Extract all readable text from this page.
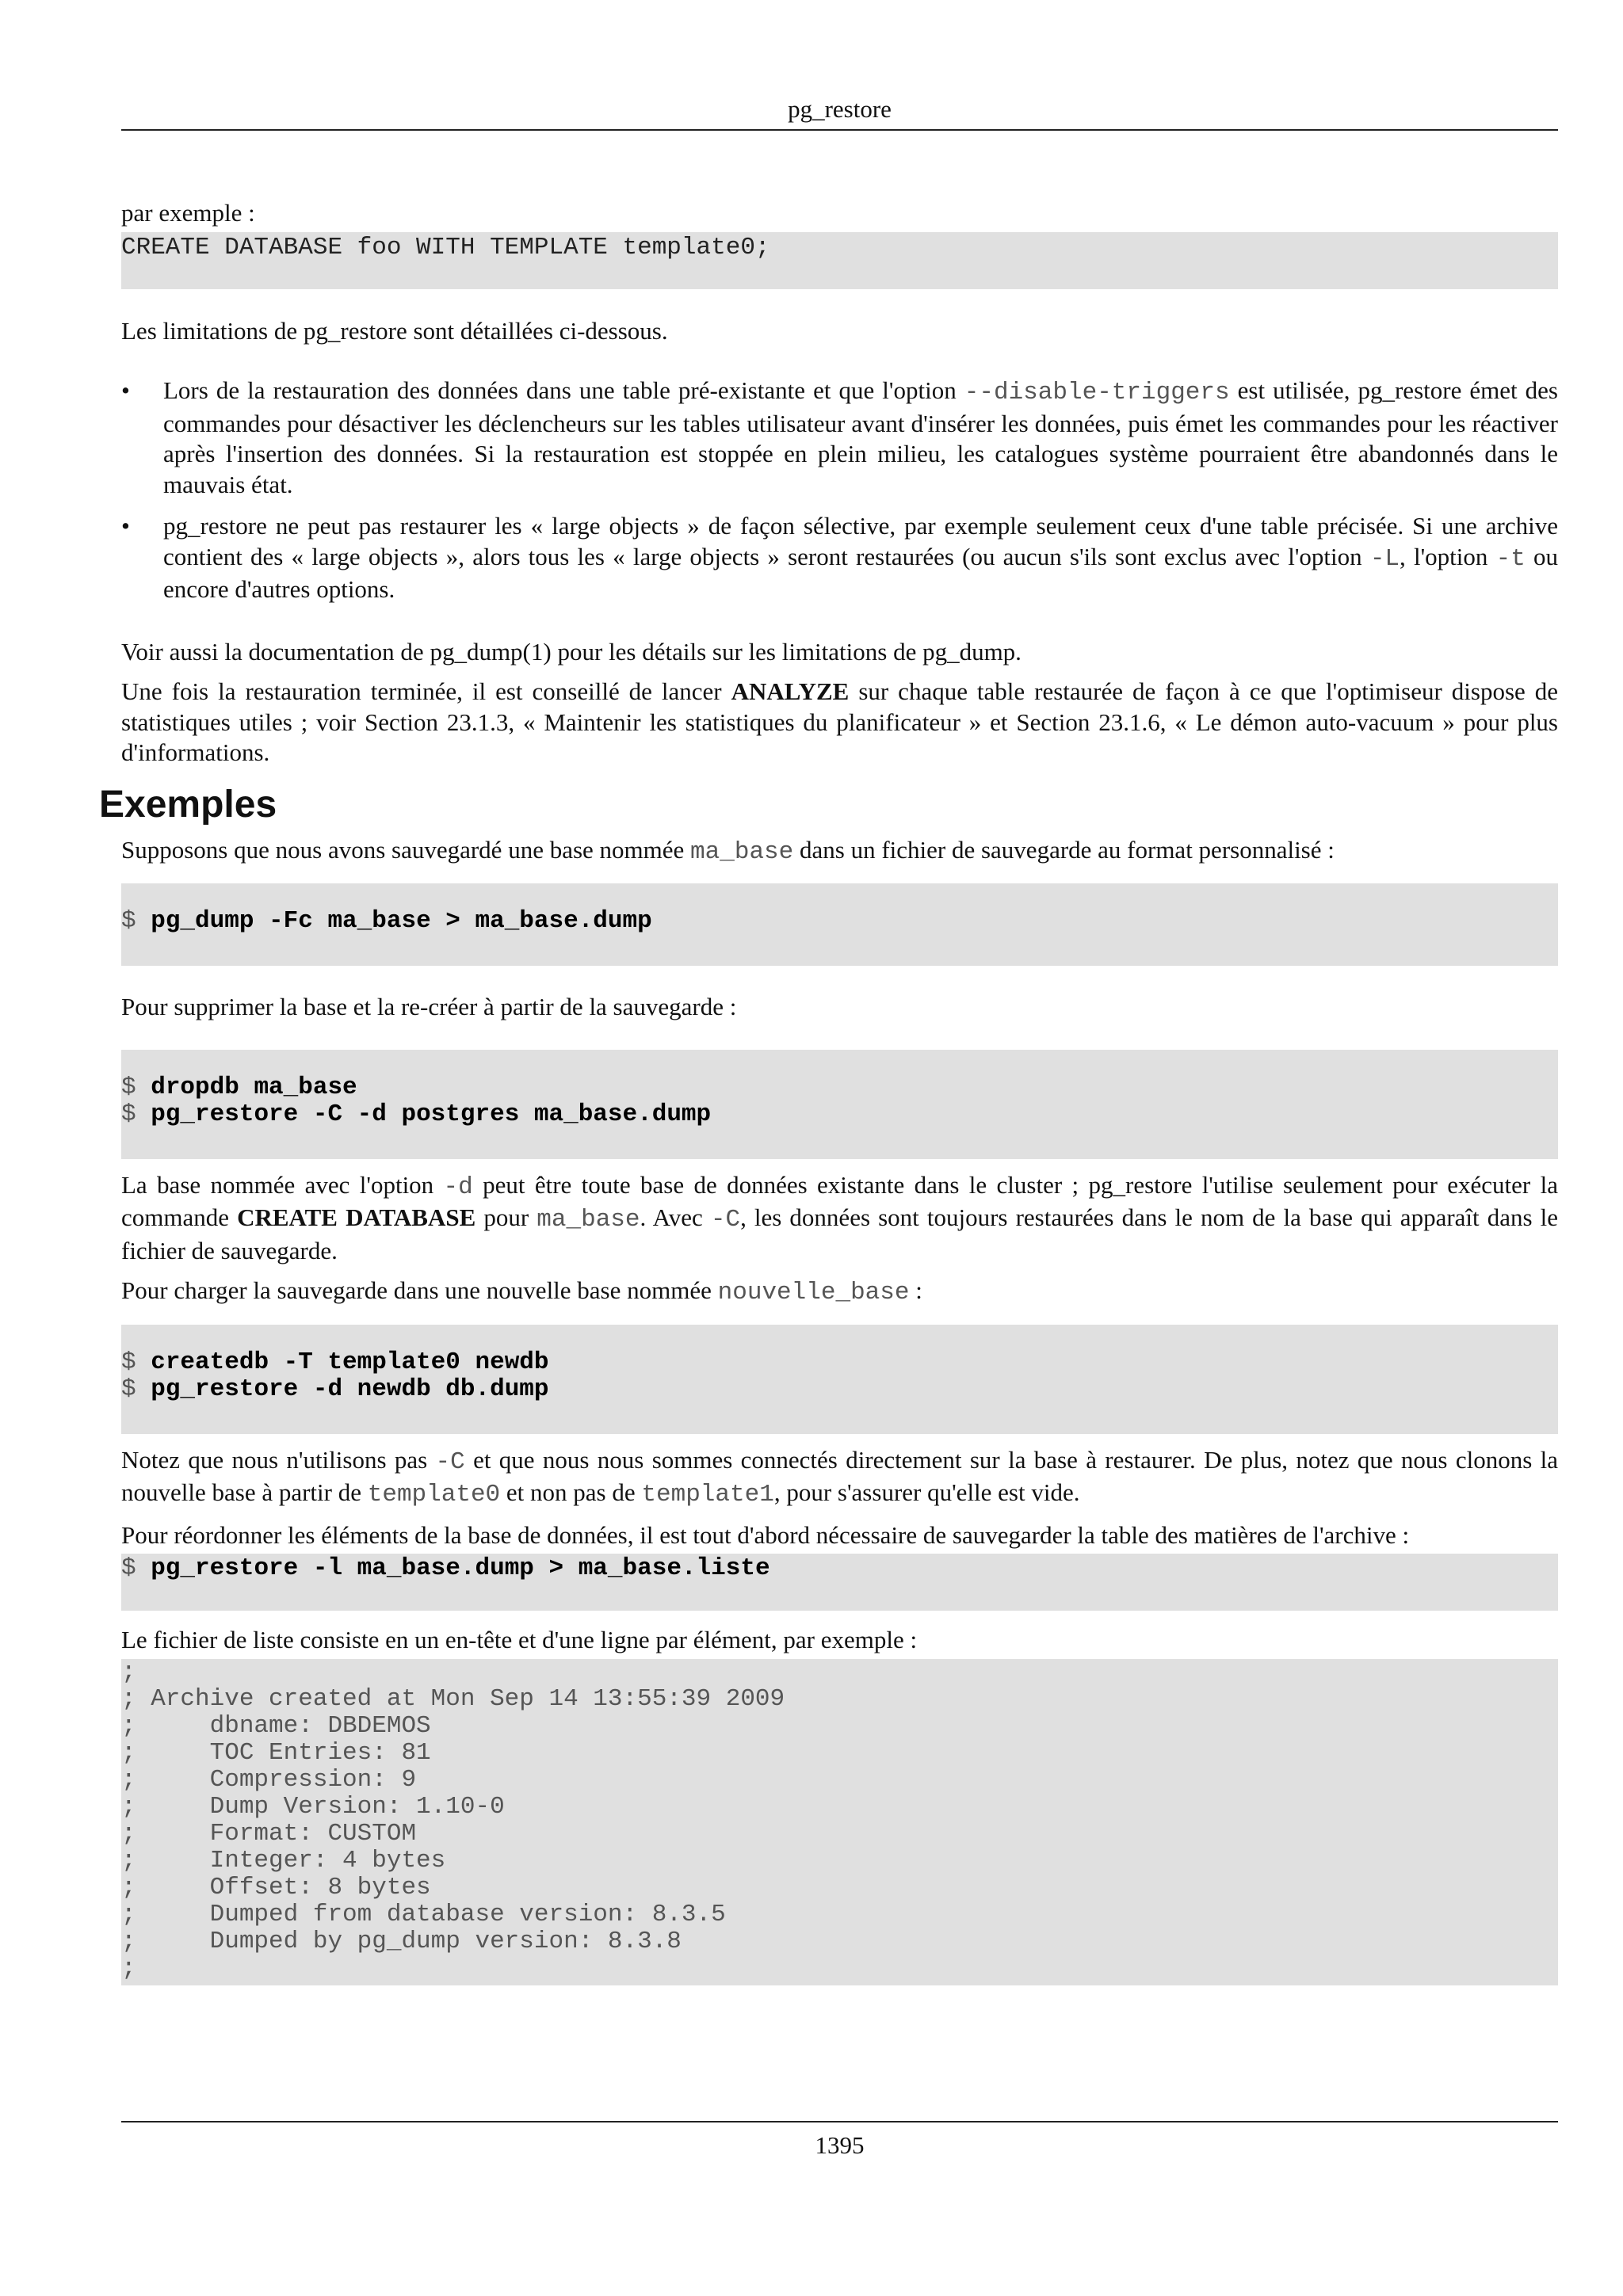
pg_restore

par exemple :

CREATE DATABASE foo WITH TEMPLATE template0;

Les limitations de pg_restore sont détaillées ci-dessous.

• Lors de la restauration des données dans une table pré-existante et que l'option --disable-triggers est utilisée, pg_restore émet des commandes pour désactiver les déclencheurs sur les tables utilisateur avant d'insérer les données, puis émet les commandes pour les réactiver après l'insertion des données. Si la restauration est stoppée en plein milieu, les catalogues système pourraient être abandonnés dans le mauvais état.
• pg_restore ne peut pas restaurer les « large objects » de façon sélective, par exemple seulement ceux d'une table précisée. Si une archive contient des « large objects », alors tous les « large objects » seront restaurées (ou aucun s'ils sont exclus avec l'option -L, l'option -t ou encore d'autres options.

Voir aussi la documentation de pg_dump(1) pour les détails sur les limitations de pg_dump.

Une fois la restauration terminée, il est conseillé de lancer ANALYZE sur chaque table restaurée de façon à ce que l'optimiseur dispose de statistiques utiles ; voir Section 23.1.3, « Maintenir les statistiques du planificateur » et Section 23.1.6, « Le démon auto-vacuum » pour plus d'informations.

Exemples

Supposons que nous avons sauvegardé une base nommée ma_base dans un fichier de sauvegarde au format personnalisé :

$ pg_dump -Fc ma_base > ma_base.dump

Pour supprimer la base et la re-créer à partir de la sauvegarde :

$ dropdb ma_base
$ pg_restore -C -d postgres ma_base.dump

La base nommée avec l'option -d peut être toute base de données existante dans le cluster ; pg_restore l'utilise seulement pour exécuter la commande CREATE DATABASE pour ma_base. Avec -C, les données sont toujours restaurées dans le nom de la base qui apparaît dans le fichier de sauvegarde.

Pour charger la sauvegarde dans une nouvelle base nommée nouvelle_base :

$ createdb -T template0 newdb
$ pg_restore -d newdb db.dump

Notez que nous n'utilisons pas -C et que nous nous sommes connectés directement sur la base à restaurer. De plus, notez que nous clonons la nouvelle base à partir de template0 et non pas de template1, pour s'assurer qu'elle est vide.

Pour réordonner les éléments de la base de données, il est tout d'abord nécessaire de sauvegarder la table des matières de l'archive :

$ pg_restore -l ma_base.dump > ma_base.liste

Le fichier de liste consiste en un en-tête et d'une ligne par élément, par exemple :

;
; Archive created at Mon Sep 14 13:55:39 2009
;     dbname: DBDEMOS
;     TOC Entries: 81
;     Compression: 9
;     Dump Version: 1.10-0
;     Format: CUSTOM
;     Integer: 4 bytes
;     Offset: 8 bytes
;     Dumped from database version: 8.3.5
;     Dumped by pg_dump version: 8.3.8
;
1395
